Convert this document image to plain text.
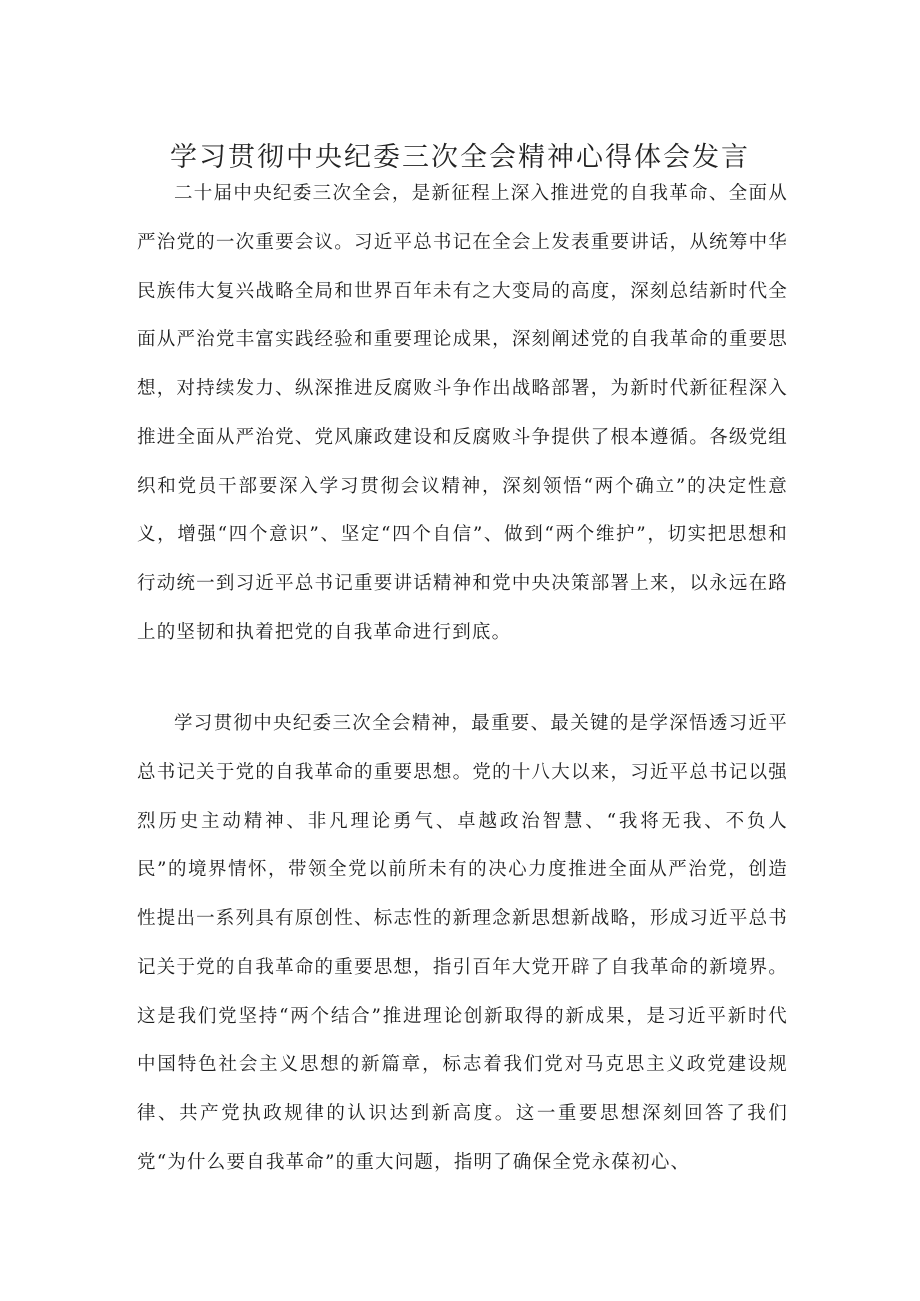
学习贯彻中央纪委三次全会精神心得体会发言

二十届中央纪委三次全会，是新征程上深入推进党的自我革命、全面从严治党的一次重要会议。习近平总书记在全会上发表重要讲话，从统筹中华民族伟大复兴战略全局和世界百年未有之大变局的高度，深刻总结新时代全面从严治党丰富实践经验和重要理论成果，深刻阐述党的自我革命的重要思想，对持续发力、纵深推进反腐败斗争作出战略部署，为新时代新征程深入推进全面从严治党、党风廉政建设和反腐败斗争提供了根本遵循。各级党组织和党员干部要深入学习贯彻会议精神，深刻领悟“两个确立”的决定性意义，增强“四个意识”、坚定“四个自信”、做到“两个维护”，切实把思想和行动统一到习近平总书记重要讲话精神和党中央决策部署上来，以永远在路上的坚韧和执着把党的自我革命进行到底。

学习贯彻中央纪委三次全会精神，最重要、最关键的是学深悟透习近平总书记关于党的自我革命的重要思想。党的十八大以来，习近平总书记以强烈历史主动精神、非凡理论勇气、卓越政治智慧、“我将无我、不负人民”的境界情怀，带领全党以前所未有的决心力度推进全面从严治党，创造性提出一系列具有原创性、标志性的新理念新思想新战略，形成习近平总书记关于党的自我革命的重要思想，指引百年大党开辟了自我革命的新境界。这是我们党坚持“两个结合”推进理论创新取得的新成果，是习近平新时代中国特色社会主义思想的新篇章，标志着我们党对马克思主义政党建设规律、共产党执政规律的认识达到新高度。这一重要思想深刻回答了我们党“为什么要自我革命”的重大问题，指明了确保全党永葆初心、
